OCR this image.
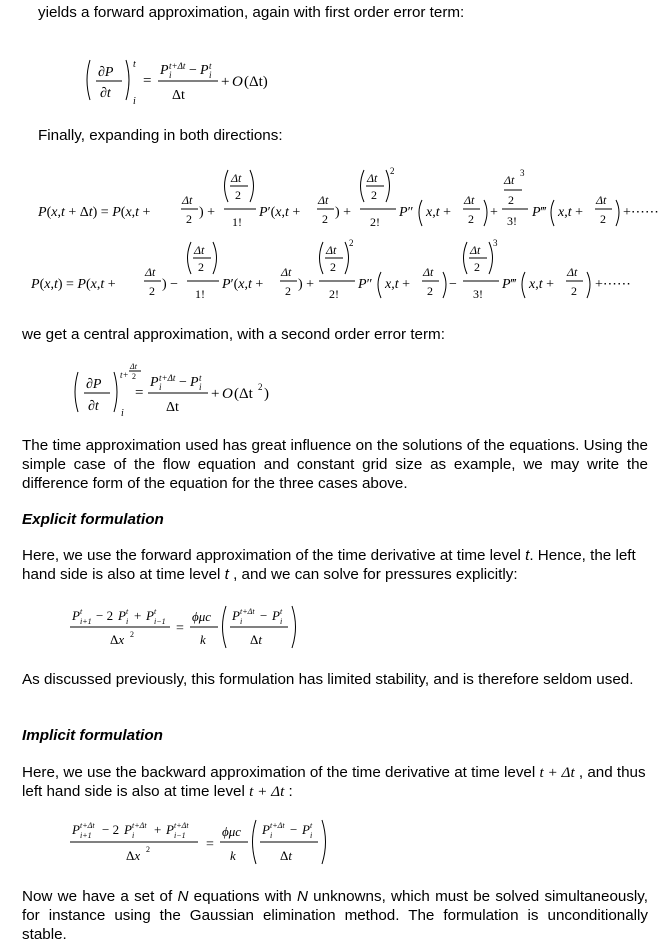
yields a forward approximation, again with first order error term:

∂P
∂t
t
i
=
P t+Δt
i − P t
i
Δt
+ O (Δt)

Finally, expanding in both directions:

P(x,t + Δt) = P(x,t +
Δt
2 ) +
Δt
2
1!
P′(x,t +
Δt
2 ) +
Δt
2
2
2!
P″ x,t +
Δt
2 +
Δt 3
2
3!
P‴ x,t +
Δt
2 +⋯⋯
P(x,t) = P(x,t +
Δt
2 ) −
Δt
2
1!
P′(x,t +
Δt
2 ) +
Δt
2
2
2!
P″ x,t +
Δt
2 −
Δt
2
3
3!
P‴ x,t +
Δt
2 +⋯⋯

we get a central approximation, with a second order error term:

∂P
∂t
t+
Δt
2
i
=
P t+Δt
i − P t
i
Δt
+ O (Δt 2 )

The time approximation used has great influence on the solutions of the equations. Using the simple case of the flow equation and constant grid size as example, we may write the difference form of the equation for the three cases above.

Explicit formulation

Here, we use the forward approximation of the time derivative at time level t. Hence, the left hand side is also at time level t , and we can solve for pressures explicitly:

P t
i+1 − 2 P t
i + P t
i−1
Δx 2	=
ϕμc
k
P t+Δt
i − P t
i
Δt

As discussed previously, this formulation has limited stability, and is therefore seldom used.

Implicit formulation

Here, we use the backward approximation of the time derivative at time level t + Δt , and thus left hand side is also at time level t + Δt :

P t+Δt
i+1 − 2 P t+Δt
i + P t+Δt
i−1
Δx 2	=
ϕμc
k
P t+Δt
i − P t
i
Δt

Now we have a set of N equations with N unknowns, which must be solved simultaneously, for instance using the Gaussian elimination method. The formulation is unconditionally stable.
